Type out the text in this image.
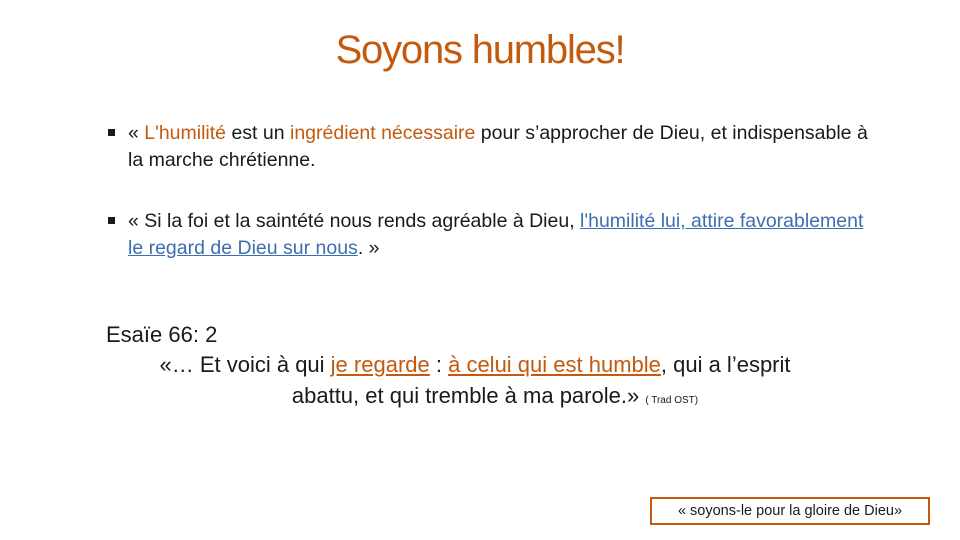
Soyons humbles!
« L'humilité est un ingrédient nécessaire pour s’approcher de Dieu, et indispensable à la marche chrétienne.
« Si la foi et la saintété nous rends agréable à Dieu, l'humilité lui, attire favorablement le regard de Dieu sur nous. »
Esaïe 66: 2
«… Et voici à qui je regarde : à celui qui est humble, qui a l’esprit
abattu, et qui tremble à ma parole.» ( Trad OST)
« soyons-le pour la gloire de Dieu»
